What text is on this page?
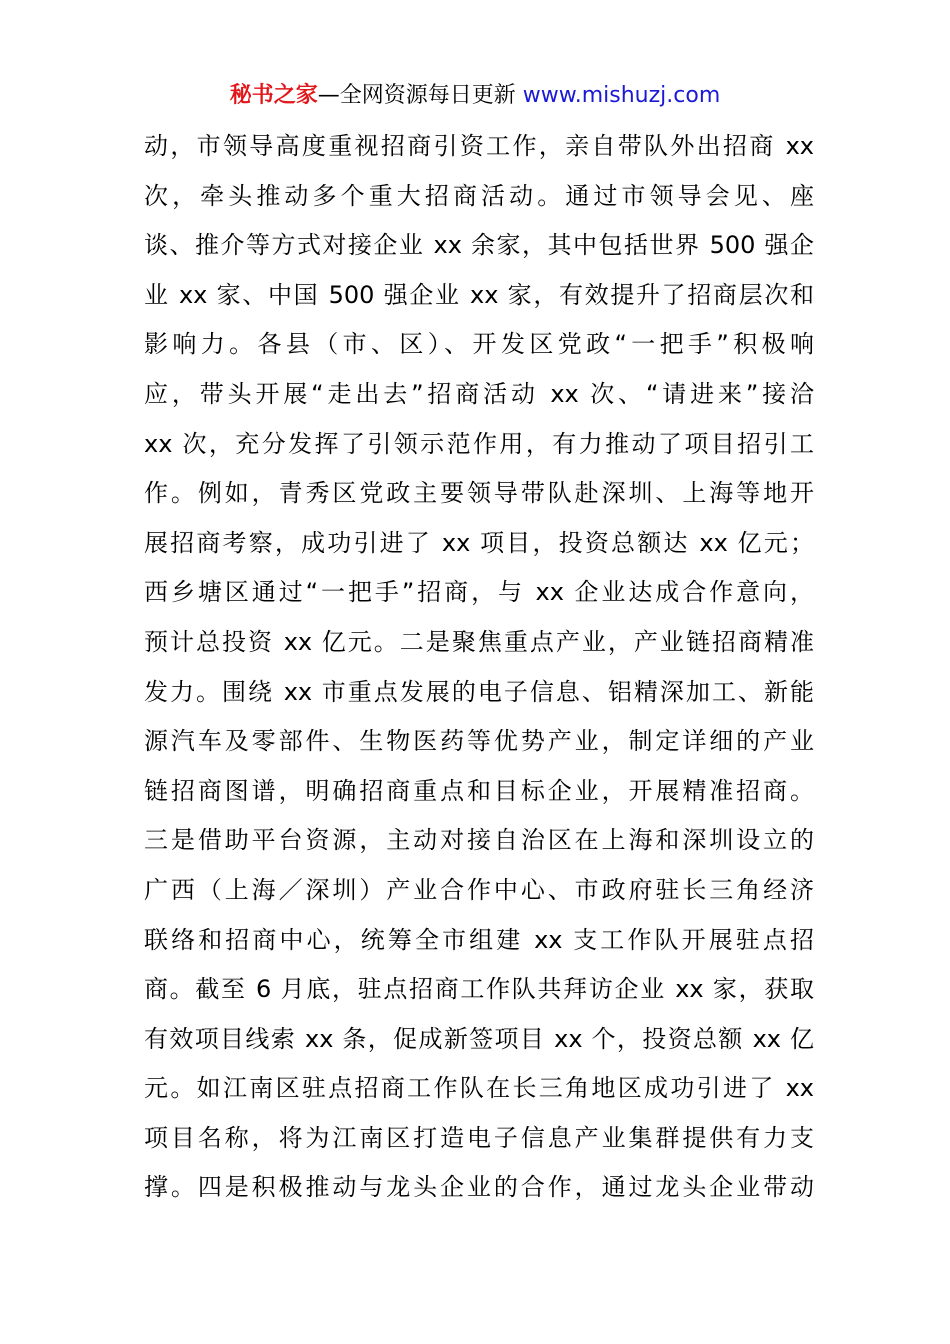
秘书之家—全网资源每日更新 www.mishuzj.com
动，市领导高度重视招商引资工作，亲自带队外出招商 xx
次，牵头推动多个重大招商活动。通过市领导会见、座
谈、推介等方式对接企业 xx 余家，其中包括世界 500 强企
业 xx 家、中国 500 强企业 xx 家，有效提升了招商层次和
影响力。各县（市、区）、开发区党政“一把手”积极响
应，带头开展“走出去”招商活动 xx 次、“请进来”接洽
xx 次，充分发挥了引领示范作用，有力推动了项目招引工
作。例如，青秀区党政主要领导带队赴深圳、上海等地开
展招商考察，成功引进了 xx 项目，投资总额达 xx 亿元；
西乡塘区通过“一把手”招商，与 xx 企业达成合作意向，
预计总投资 xx 亿元。二是聚焦重点产业，产业链招商精准
发力。围绕 xx 市重点发展的电子信息、铝精深加工、新能
源汽车及零部件、生物医药等优势产业，制定详细的产业
链招商图谱，明确招商重点和目标企业，开展精准招商。
三是借助平台资源，主动对接自治区在上海和深圳设立的
广西（上海／深圳）产业合作中心、市政府驻长三角经济
联络和招商中心，统筹全市组建 xx 支工作队开展驻点招
商。截至 6 月底，驻点招商工作队共拜访企业 xx 家，获取
有效项目线索 xx 条，促成新签项目 xx 个，投资总额 xx 亿
元。如江南区驻点招商工作队在长三角地区成功引进了 xx
项目名称，将为江南区打造电子信息产业集群提供有力支
撑。四是积极推动与龙头企业的合作，通过龙头企业带动
